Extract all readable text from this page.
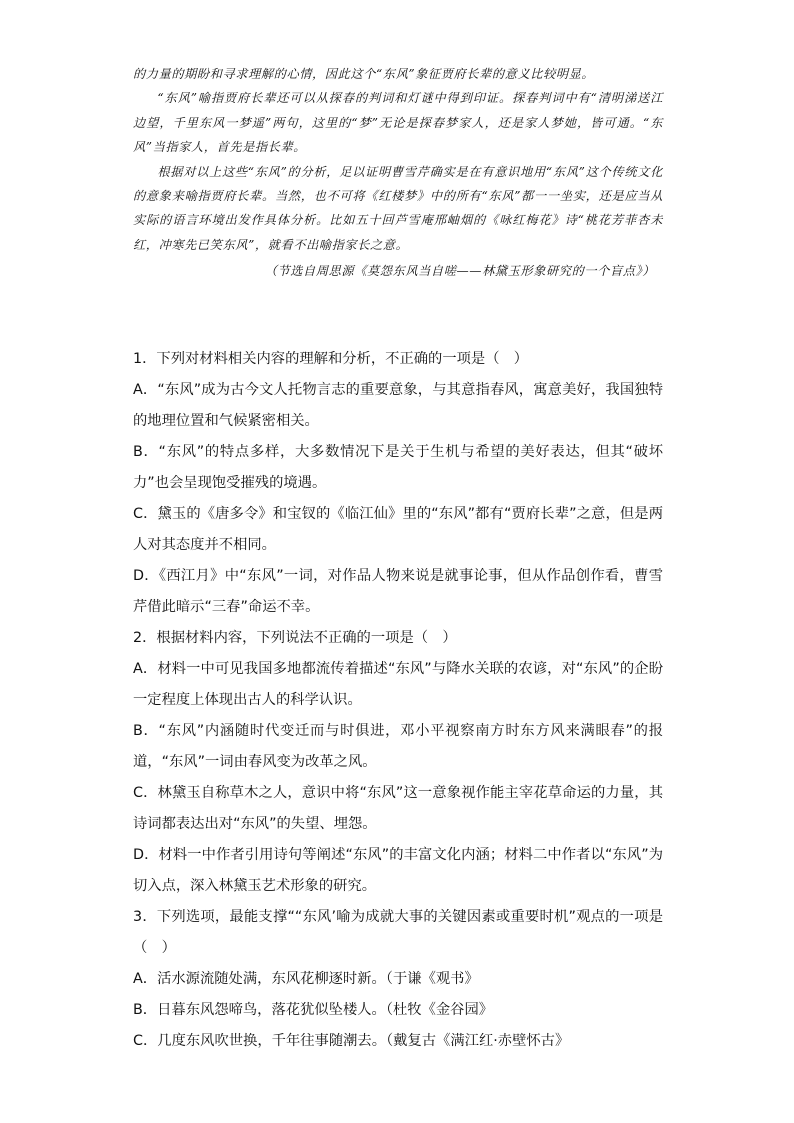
的力量的期盼和寻求理解的心情，因此这个“东风”象征贾府长辈的意义比较明显。

“东风”喻指贾府长辈还可以从探春的判词和灯谜中得到印证。探春判词中有“清明涕送江边望，千里东风一梦遥”两句，这里的“梦”无论是探春梦家人，还是家人梦她，皆可通。“东风”当指家人，首先是指长辈。

根据对以上这些“东风”的分析，足以证明曹雪芹确实是在有意识地用“东风”这个传统文化的意象来喻指贾府长辈。当然，也不可将《红楼梦》中的所有“东风”都一一坐实，还是应当从实际的语言环境出发作具体分析。比如五十回芦雪庵邢岫烟的《咏红梅花》诗“桃花芳菲杏未红，冲寒先已笑东风”，就看不出喻指家长之意。

（节选自周思源《莫怨东风当自嗟——林黛玉形象研究的一个盲点》）

1．下列对材料相关内容的理解和分析，不正确的一项是（　）

A．“东风”成为古今文人托物言志的重要意象，与其意指春风，寓意美好，我国独特的地理位置和气候紧密相关。

B．“东风”的特点多样，大多数情况下是关于生机与希望的美好表达，但其“破坏力”也会呈现饱受摧残的境遇。

C．黛玉的《唐多令》和宝钗的《临江仙》里的“东风”都有“贾府长辈”之意，但是两人对其态度并不相同。

D．《西江月》中“东风”一词，对作品人物来说是就事论事，但从作品创作看，曹雪芹借此暗示“三春”命运不幸。

2．根据材料内容，下列说法不正确的一项是（　）

A．材料一中可见我国多地都流传着描述“东风”与降水关联的农谚，对“东风”的企盼一定程度上体现出古人的科学认识。

B．“东风”内涵随时代变迁而与时俱进，邓小平视察南方时东方风来满眼春”的报道，“东风”一词由春风变为改革之风。

C．林黛玉自称草木之人，意识中将“东风”这一意象视作能主宰花草命运的力量，其诗词都表达出对“东风”的失望、埋怨。

D．材料一中作者引用诗句等阐述“东风”的丰富文化内涵；材料二中作者以“东风”为切入点，深入林黛玉艺术形象的研究。

3．下列选项，最能支撑““东风’喻为成就大事的关键因素或重要时机”观点的一项是（　）

A．活水源流随处满，东风花柳逐时新。（于谦《观书》

B．日暮东风怨啼鸟，落花犹似坠楼人。（杜牧《金谷园》

C．几度东风吹世换，千年往事随潮去。（戴复古《满江红·赤壁怀古》
